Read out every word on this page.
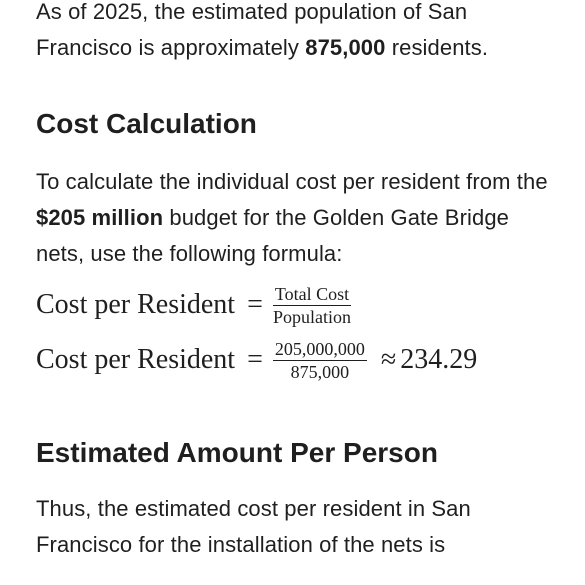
As of 2025, the estimated population of San Francisco is approximately 875,000 residents.

Cost Calculation

To calculate the individual cost per resident from the $205 million budget for the Golden Gate Bridge nets, use the following formula:

Cost per Resident = $\frac{\text{Total Cost}}{\text{Population}}$
Cost per Resident = $\frac{205,000,000}{875,000} \approx 234.29$
Estimated Amount Per Person

Thus, the estimated cost per resident in San Francisco for the installation of the nets is
